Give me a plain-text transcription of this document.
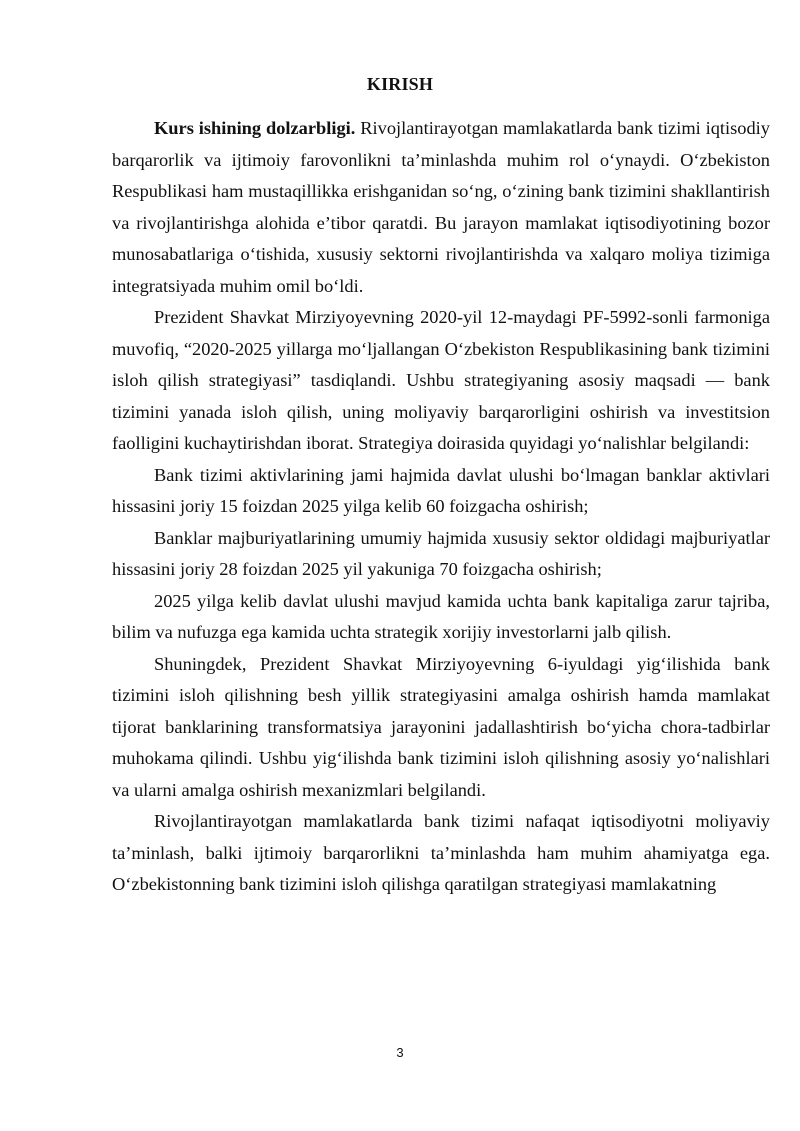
KIRISH

Kurs ishining dolzarbligi. Rivojlantirayotgan mamlakatlarda bank tizimi iqtisodiy barqarorlik va ijtimoiy farovonlikni ta’minlashda muhim rol o‘ynaydi. O‘zbekiston Respublikasi ham mustaqillikka erishganidan so‘ng, o‘zining bank tizimini shakllantirish va rivojlantirishga alohida e’tibor qaratdi. Bu jarayon mamlakat iqtisodiyotining bozor munosabatlariga o‘tishida, xususiy sektorni rivojlantirishda va xalqaro moliya tizimiga integratsiyada muhim omil bo‘ldi.

Prezident Shavkat Mirziyoyevning 2020-yil 12-maydagi PF-5992-sonli farmoniga muvofiq, “2020-2025 yillarga mo‘ljallangan O‘zbekiston Respublikasining bank tizimini isloh qilish strategiyasi” tasdiqlandi. Ushbu strategiyaning asosiy maqsadi — bank tizimini yanada isloh qilish, uning moliyaviy barqarorligini oshirish va investitsion faolligini kuchaytirishdan iborat. Strategiya doirasida quyidagi yo‘nalishlar belgilandi:

Bank tizimi aktivlarining jami hajmida davlat ulushi bo‘lmagan banklar aktivlari hissasini joriy 15 foizdan 2025 yilga kelib 60 foizgacha oshirish;

Banklar majburiyatlarining umumiy hajmida xususiy sektor oldidagi majburiyatlar hissasini joriy 28 foizdan 2025 yil yakuniga 70 foizgacha oshirish;

2025 yilga kelib davlat ulushi mavjud kamida uchta bank kapitaliga zarur tajriba, bilim va nufuzga ega kamida uchta strategik xorijiy investorlarni jalb qilish.

Shuningdek, Prezident Shavkat Mirziyoyevning 6-iyuldagi yig‘ilishida bank tizimini isloh qilishning besh yillik strategiyasini amalga oshirish hamda mamlakat tijorat banklarining transformatsiya jarayonini jadallashtirish bo‘yicha chora-tadbirlar muhokama qilindi. Ushbu yig‘ilishda bank tizimini isloh qilishning asosiy yo‘nalishlari va ularni amalga oshirish mexanizmlari belgilandi.

Rivojlantirayotgan mamlakatlarda bank tizimi nafaqat iqtisodiyotni moliyaviy ta’minlash, balki ijtimoiy barqarorlikni ta’minlashda ham muhim ahamiyatga ega. O‘zbekistonning bank tizimini isloh qilishga qaratilgan strategiyasi mamlakatning

3
